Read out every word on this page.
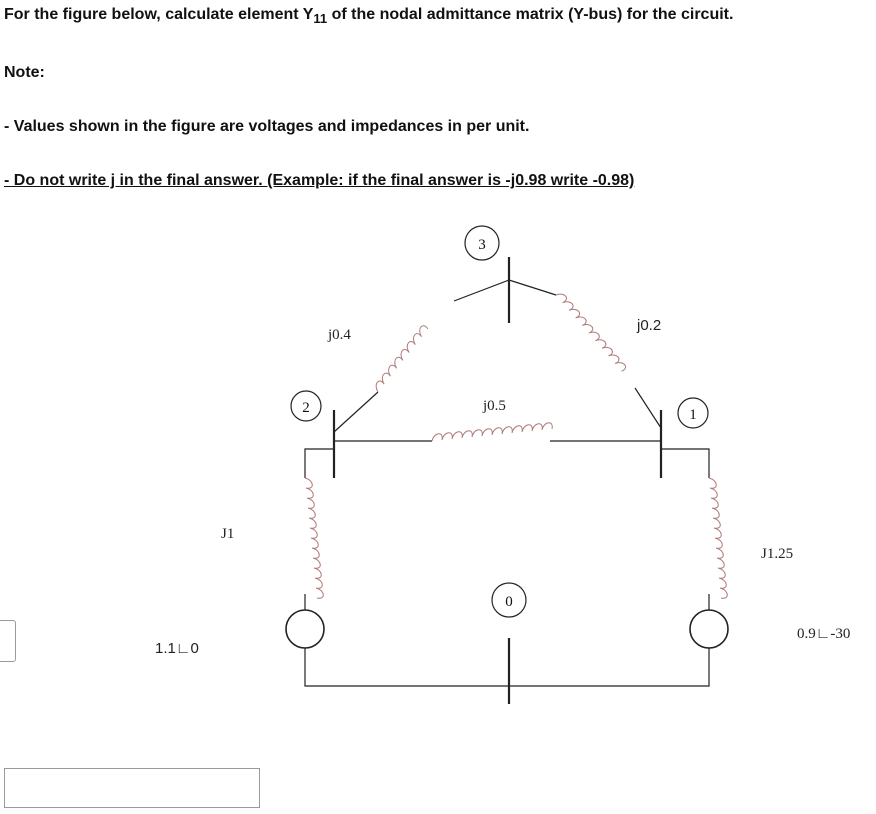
For the figure below, calculate element $Y_{11}$ of the nodal admittance matrix (Y-bus) for the circuit.
Note:
- Values shown in the figure are voltages and impedances in per unit.
- Do not write j in the final answer. (Example: if the final answer is -j0.98 write -0.98)
3
2	1
0
j0.4
j0.2
j0.5
J1
J1.25
1.1∟0
0.9∟-30
